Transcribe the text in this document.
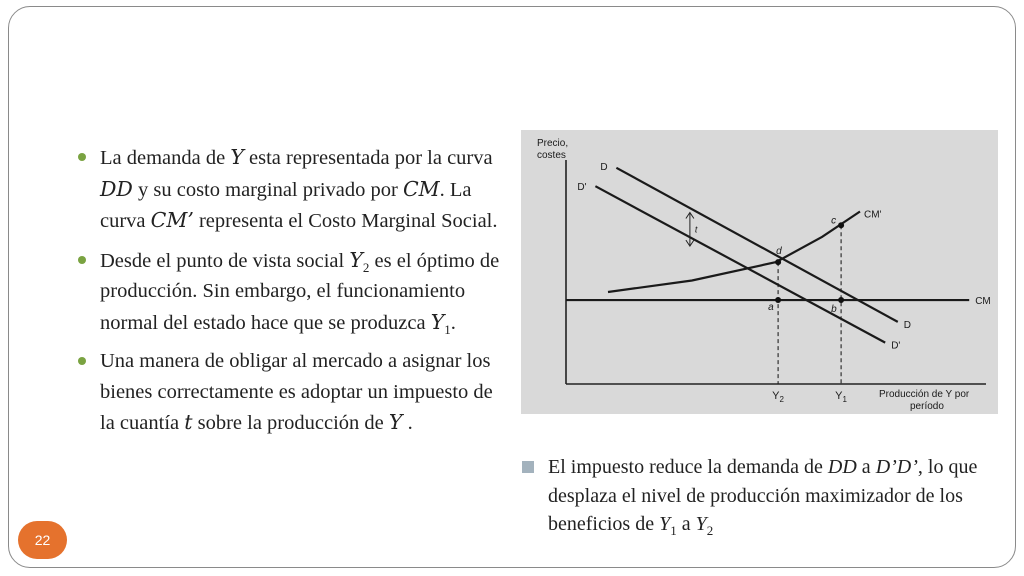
La demanda de Y esta representada por la curva DD y su costo marginal privado por CM. La curva CM’ representa el Costo Marginal Social.
Desde el punto de vista social $Y_2$ es el óptimo de producción. Sin embargo, el funcionamiento normal del estado hace que se produzca $Y_1$.
Una manera de obligar al mercado a asignar los bienes correctamente es adoptar un impuesto de la cuantía t sobre la producción de Y .
Precio,
costes
Producción de Y por
período
$Y_2$	$Y_1$
D
D'
CM'
CM
D
D'
d
a	b
c
t
El impuesto reduce la demanda de DD a D’D’, lo que desplaza el nivel de producción maximizador de los beneficios de $Y_1$ a $Y_2$
22
